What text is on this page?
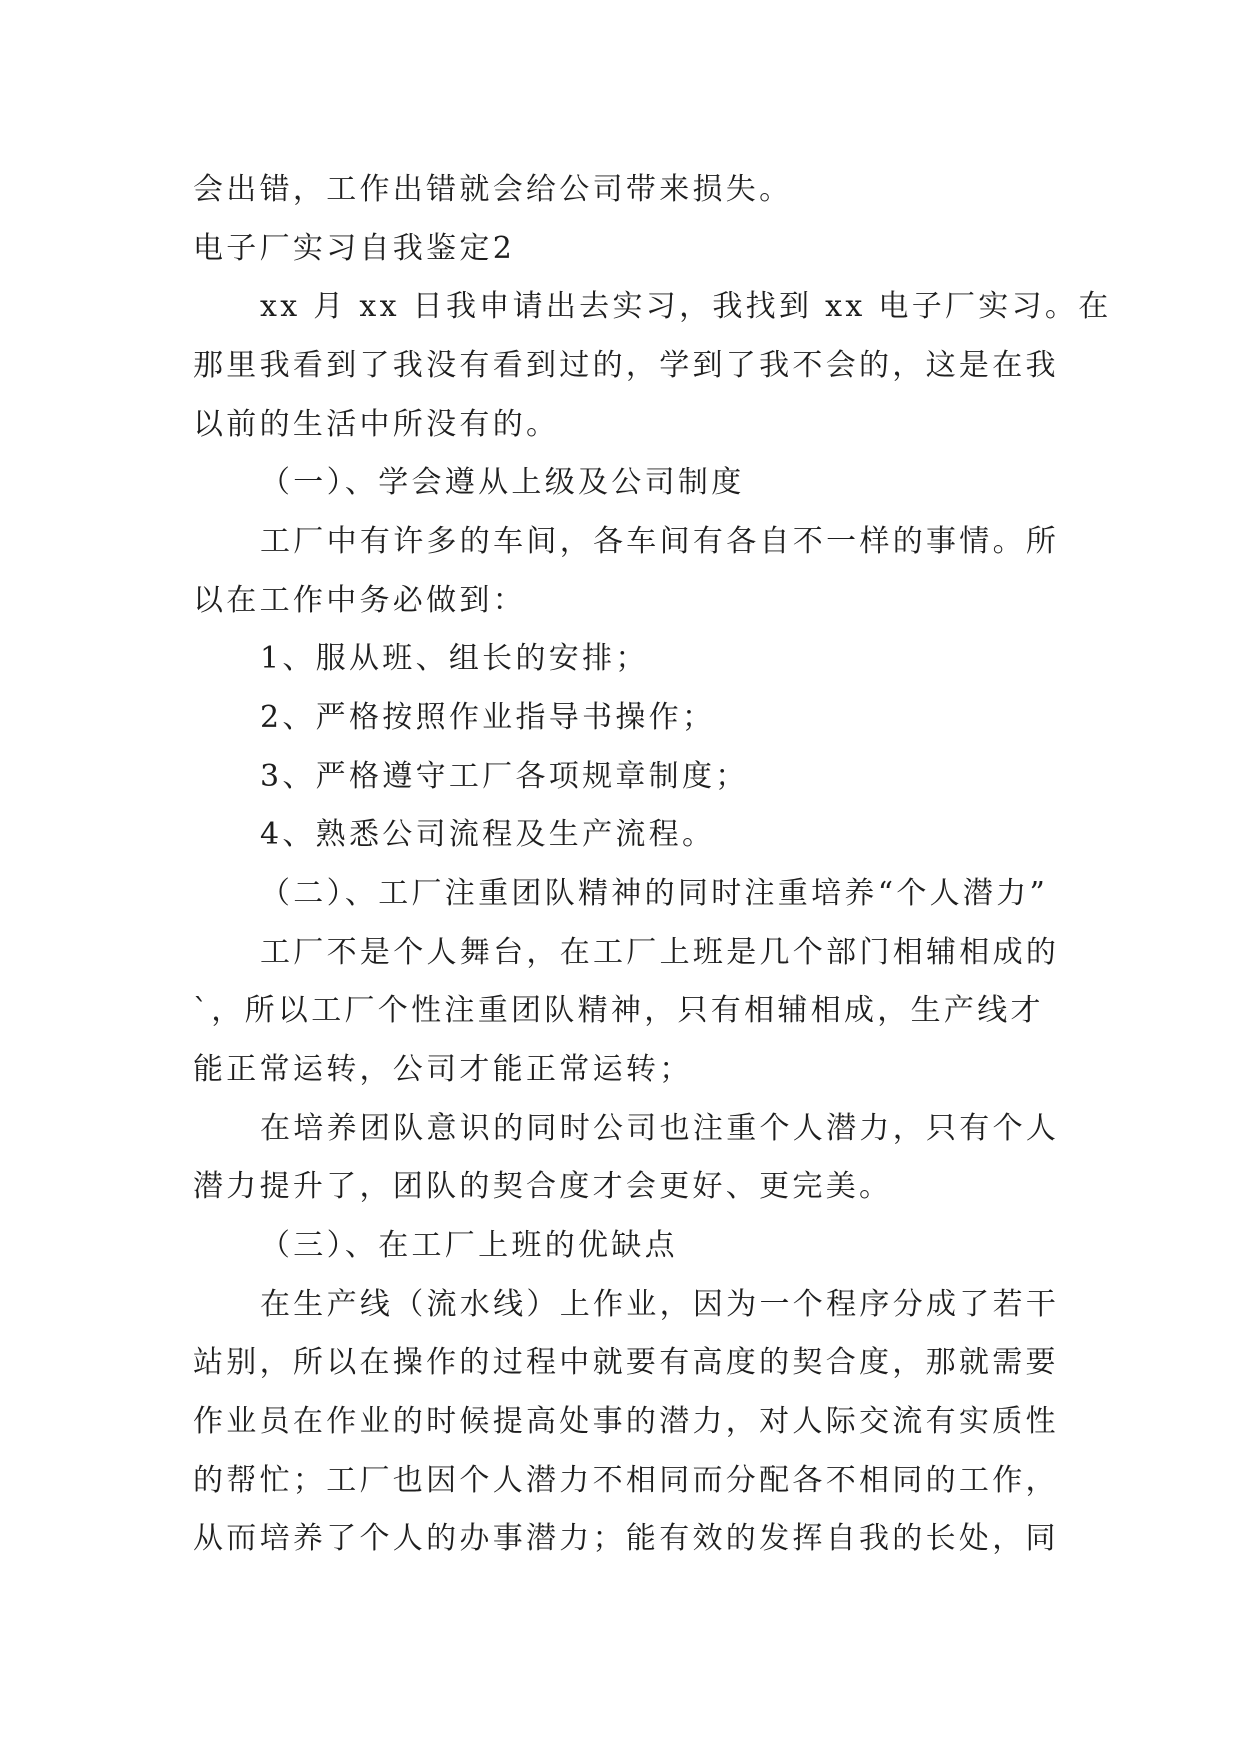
会出错，工作出错就会给公司带来损失。
电子厂实习自我鉴定2
xx 月 xx 日我申请出去实习，我找到 xx 电子厂实习。在
那里我看到了我没有看到过的，学到了我不会的，这是在我
以前的生活中所没有的。
（一）、学会遵从上级及公司制度
工厂中有许多的车间，各车间有各自不一样的事情。所
以在工作中务必做到：
1、服从班、组长的安排；
2、严格按照作业指导书操作；
3、严格遵守工厂各项规章制度；
4、熟悉公司流程及生产流程。
（二）、工厂注重团队精神的同时注重培养“个人潜力”
工厂不是个人舞台，在工厂上班是几个部门相辅相成的
`，所以工厂个性注重团队精神，只有相辅相成，生产线才
能正常运转，公司才能正常运转；
在培养团队意识的同时公司也注重个人潜力，只有个人
潜力提升了，团队的契合度才会更好、更完美。
（三）、在工厂上班的优缺点
在生产线（流水线）上作业，因为一个程序分成了若干
站别，所以在操作的过程中就要有高度的契合度，那就需要
作业员在作业的时候提高处事的潜力，对人际交流有实质性
的帮忙；工厂也因个人潜力不相同而分配各不相同的工作，
从而培养了个人的办事潜力；能有效的发挥自我的长处，同
